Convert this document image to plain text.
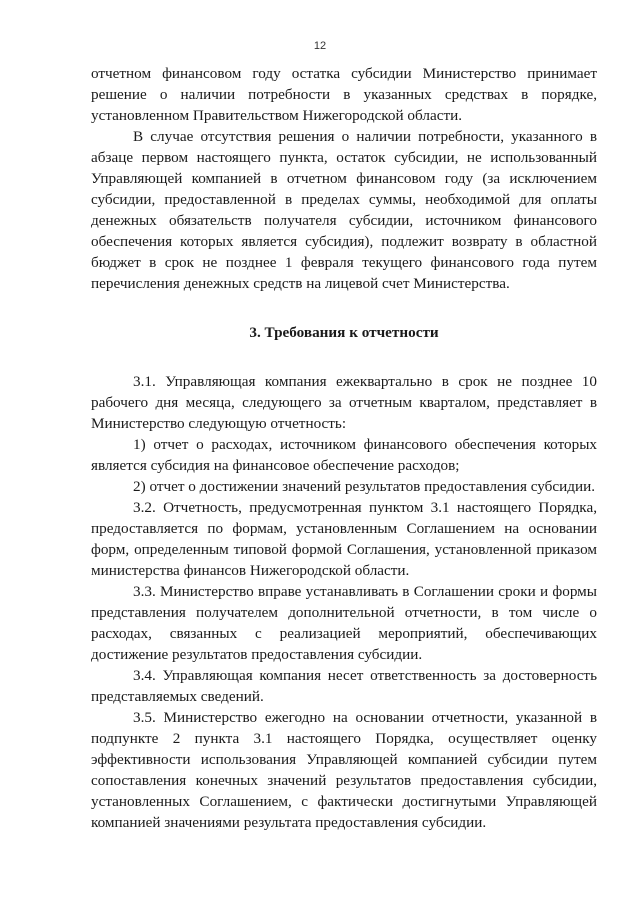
12

отчетном финансовом году остатка субсидии Министерство принимает решение о наличии потребности в указанных средствах в порядке, установленном Правительством Нижегородской области.

В случае отсутствия решения о наличии потребности, указанного в абзаце первом настоящего пункта, остаток субсидии, не использованный Управляющей компанией в отчетном финансовом году (за исключением субсидии, предоставленной в пределах суммы, необходимой для оплаты денежных обязательств получателя субсидии, источником финансового обеспечения которых является субсидия), подлежит возврату в областной бюджет в срок не позднее 1 февраля текущего финансового года путем перечисления денежных средств на лицевой счет Министерства.

3. Требования к отчетности

3.1. Управляющая компания ежеквартально в срок не позднее 10 рабочего дня месяца, следующего за отчетным кварталом, представляет в Министерство следующую отчетность:

1) отчет о расходах, источником финансового обеспечения которых является субсидия на финансовое обеспечение расходов;

2) отчет о достижении значений результатов предоставления субсидии.

3.2. Отчетность, предусмотренная пунктом 3.1 настоящего Порядка, предоставляется по формам, установленным Соглашением на основании форм, определенным типовой формой Соглашения, установленной приказом министерства финансов Нижегородской области.

3.3. Министерство вправе устанавливать в Соглашении сроки и формы представления получателем дополнительной отчетности, в том числе о расходах, связанных с реализацией мероприятий, обеспечивающих достижение результатов предоставления субсидии.

3.4. Управляющая компания несет ответственность за достоверность представляемых сведений.

3.5. Министерство ежегодно на основании отчетности, указанной в подпункте 2 пункта 3.1 настоящего Порядка, осуществляет оценку эффективности использования Управляющей компанией субсидии путем сопоставления конечных значений результатов предоставления субсидии, установленных Соглашением, с фактически достигнутыми Управляющей компанией значениями результата предоставления субсидии.
